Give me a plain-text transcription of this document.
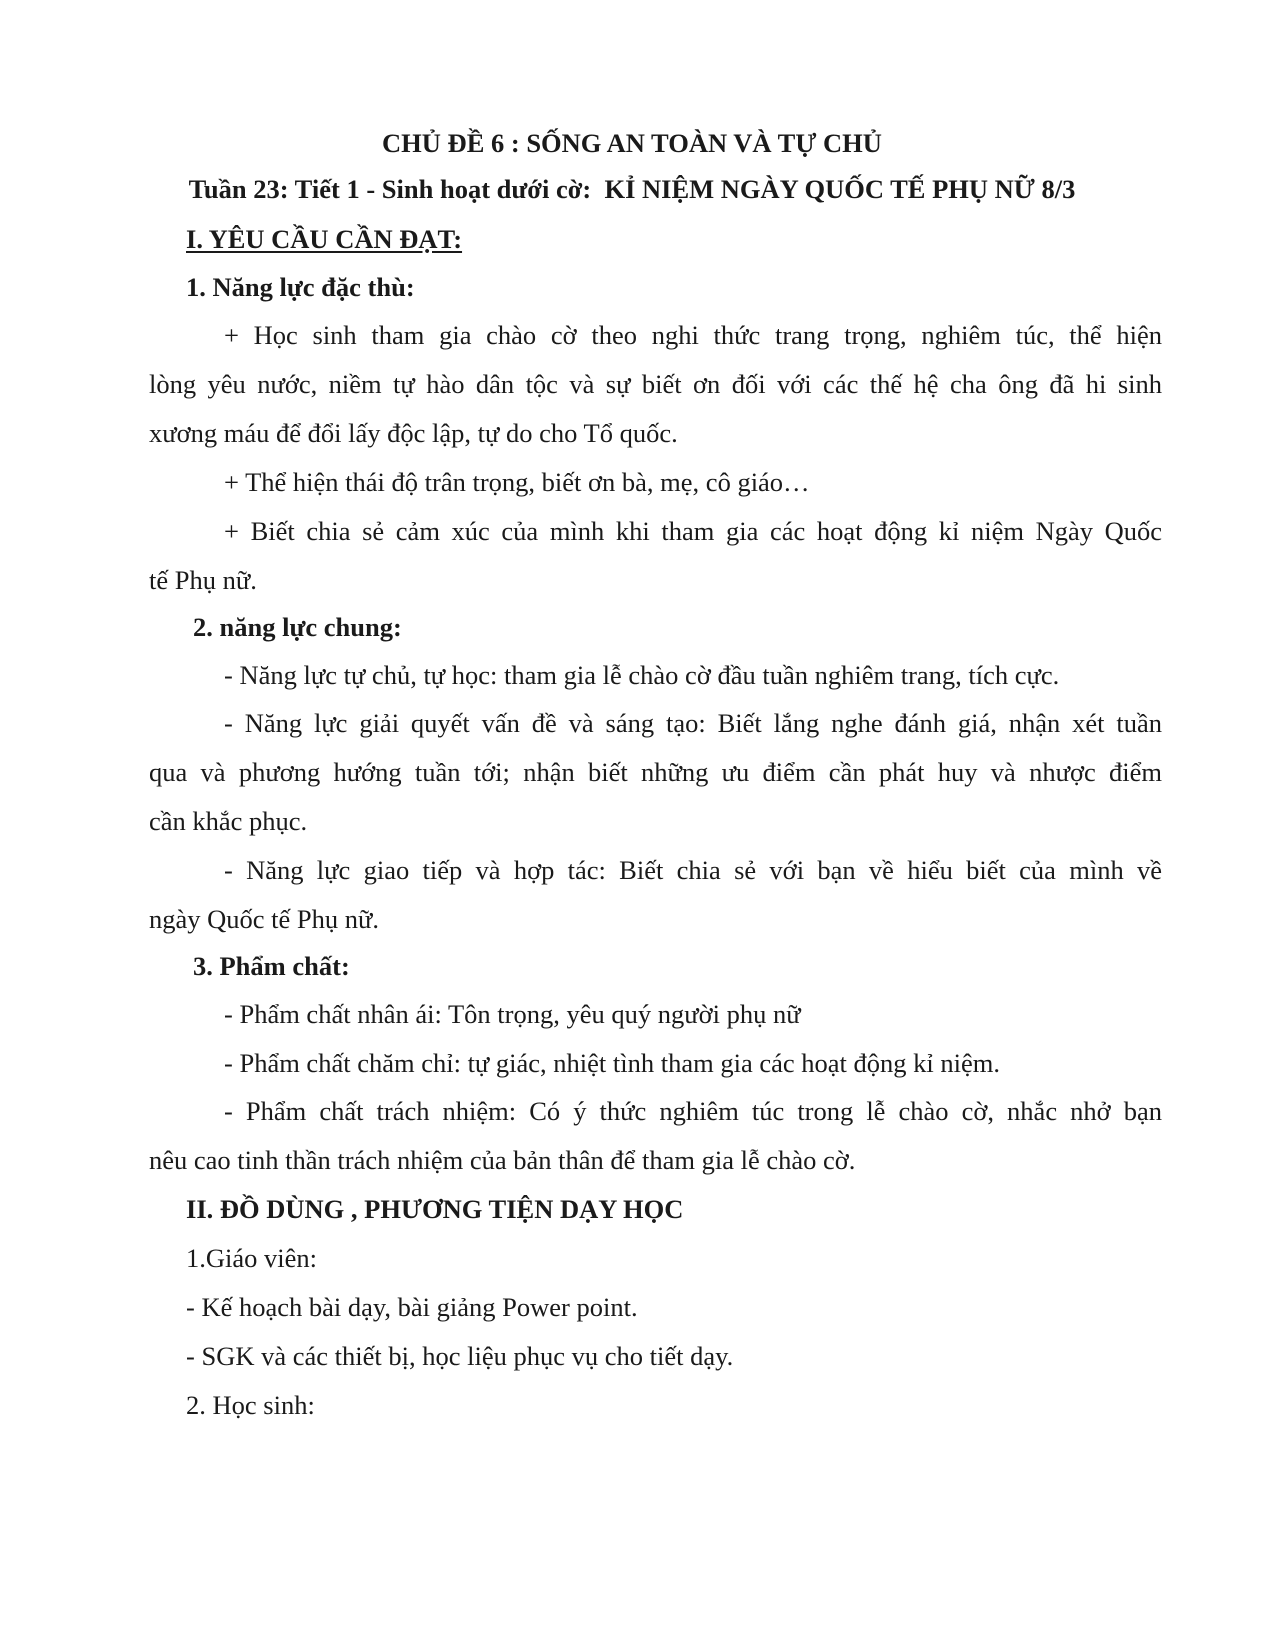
CHỦ ĐỀ 6 : SỐNG AN TOÀN VÀ TỰ CHỦ
Tuần 23: Tiết 1 - Sinh hoạt dưới cờ: KỈ NIỆM NGÀY QUỐC TẾ PHỤ NỮ 8/3
I. YÊU CẦU CẦN ĐẠT:
1. Năng lực đặc thù:
+ Học sinh tham gia chào cờ theo nghi thức trang trọng, nghiêm túc, thể hiện
lòng yêu nước, niềm tự hào dân tộc và sự biết ơn đối với các thế hệ cha ông đã hi sinh
xương máu để đổi lấy độc lập, tự do cho Tổ quốc.
+ Thể hiện thái độ trân trọng, biết ơn bà, mẹ, cô giáo…
+ Biết chia sẻ cảm xúc của mình khi tham gia các hoạt động kỉ niệm Ngày Quốc
tế Phụ nữ.
2. năng lực chung:
- Năng lực tự chủ, tự học: tham gia lễ chào cờ đầu tuần nghiêm trang, tích cực.
- Năng lực giải quyết vấn đề và sáng tạo: Biết lắng nghe đánh giá, nhận xét tuần
qua và phương hướng tuần tới; nhận biết những ưu điểm cần phát huy và nhược điểm
cần khắc phục.
- Năng lực giao tiếp và hợp tác: Biết chia sẻ với bạn về hiểu biết của mình về
ngày Quốc tế Phụ nữ.
3. Phẩm chất:
- Phẩm chất nhân ái: Tôn trọng, yêu quý người phụ nữ
- Phẩm chất chăm chỉ: tự giác, nhiệt tình tham gia các hoạt động kỉ niệm.
- Phẩm chất trách nhiệm: Có ý thức nghiêm túc trong lễ chào cờ, nhắc nhở bạn
nêu cao tinh thần trách nhiệm của bản thân để tham gia lễ chào cờ.
II. ĐỒ DÙNG , PHƯƠNG TIỆN DẠY HỌC
1.Giáo viên:
- Kế hoạch bài dạy, bài giảng Power point.
- SGK và các thiết bị, học liệu phục vụ cho tiết dạy.
2. Học sinh:
